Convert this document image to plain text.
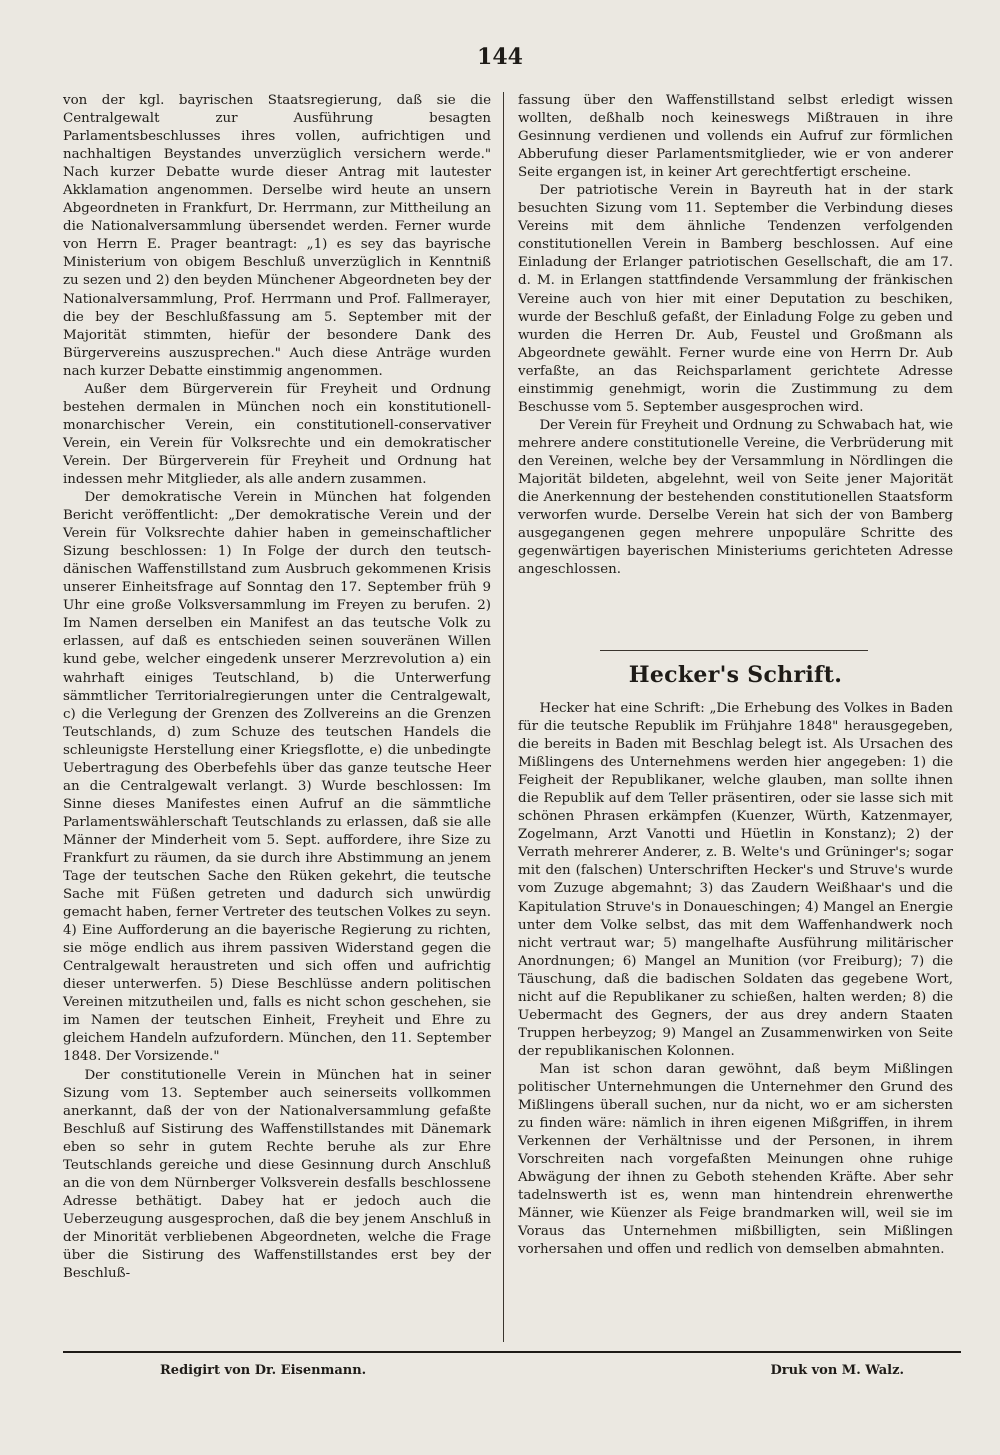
144

von der kgl. bayrischen Staatsregierung, daß sie die Centralgewalt zur Ausführung besagten Parlamentsbeschlusses ihres vollen, aufrichtigen und nachhaltigen Beystandes unverzüglich versichern werde." Nach kurzer Debatte wurde dieser Antrag mit lautester Akklamation angenommen. Derselbe wird heute an unsern Abgeordneten in Frankfurt, Dr. Herrmann, zur Mittheilung an die Nationalversammlung übersendet werden. Ferner wurde von Herrn E. Prager beantragt: „1) es sey das bayrische Ministerium von obigem Beschluß unverzüglich in Kenntniß zu sezen und 2) den beyden Münchener Abgeordneten bey der Nationalversammlung, Prof. Herrmann und Prof. Fallmerayer, die bey der Beschlußfassung am 5. September mit der Majorität stimmten, hiefür der besondere Dank des Bürgervereins auszusprechen." Auch diese Anträge wurden nach kurzer Debatte einstimmig angenommen.

Außer dem Bürgerverein für Freyheit und Ordnung bestehen dermalen in München noch ein konstitutionell-monarchischer Verein, ein constitutionell-conservativer Verein, ein Verein für Volksrechte und ein demokratischer Verein. Der Bürgerverein für Freyheit und Ordnung hat indessen mehr Mitglieder, als alle andern zusammen.

Der demokratische Verein in München hat folgenden Bericht veröffentlicht: „Der demokratische Verein und der Verein für Volksrechte dahier haben in gemeinschaftlicher Sizung beschlossen: 1) In Folge der durch den teutsch-dänischen Waffenstillstand zum Ausbruch gekommenen Krisis unserer Einheitsfrage auf Sonntag den 17. September früh 9 Uhr eine große Volksversammlung im Freyen zu berufen. 2) Im Namen derselben ein Manifest an das teutsche Volk zu erlassen, auf daß es entschieden seinen souveränen Willen kund gebe, welcher eingedenk unserer Merzrevolution a) ein wahrhaft einiges Teutschland, b) die Unterwerfung sämmtlicher Territorialregierungen unter die Centralgewalt, c) die Verlegung der Grenzen des Zollvereins an die Grenzen Teutschlands, d) zum Schuze des teutschen Handels die schleunigste Herstellung einer Kriegsflotte, e) die unbedingte Uebertragung des Oberbefehls über das ganze teutsche Heer an die Centralgewalt verlangt. 3) Wurde beschlossen: Im Sinne dieses Manifestes einen Aufruf an die sämmtliche Parlamentswählerschaft Teutschlands zu erlassen, daß sie alle Männer der Minderheit vom 5. Sept. auffordere, ihre Size zu Frankfurt zu räumen, da sie durch ihre Abstimmung an jenem Tage der teutschen Sache den Rüken gekehrt, die teutsche Sache mit Füßen getreten und dadurch sich unwürdig gemacht haben, ferner Vertreter des teutschen Volkes zu seyn. 4) Eine Aufforderung an die bayerische Regierung zu richten, sie möge endlich aus ihrem passiven Widerstand gegen die Centralgewalt heraustreten und sich offen und aufrichtig dieser unterwerfen. 5) Diese Beschlüsse andern politischen Vereinen mitzutheilen und, falls es nicht schon geschehen, sie im Namen der teutschen Einheit, Freyheit und Ehre zu gleichem Handeln aufzufordern. München, den 11. September 1848. Der Vorsizende."

Der constitutionelle Verein in München hat in seiner Sizung vom 13. September auch seinerseits vollkommen anerkannt, daß der von der Nationalversammlung gefaßte Beschluß auf Sistirung des Waffenstillstandes mit Dänemark eben so sehr in gutem Rechte beruhe als zur Ehre Teutschlands gereiche und diese Gesinnung durch Anschluß an die von dem Nürnberger Volksverein desfalls beschlossene Adresse bethätigt. Dabey hat er jedoch auch die Ueberzeugung ausgesprochen, daß die bey jenem Anschluß in der Minorität verbliebenen Abgeordneten, welche die Frage über die Sistirung des Waffenstillstandes erst bey der Beschluß-

fassung über den Waffenstillstand selbst erledigt wissen wollten, deßhalb noch keineswegs Mißtrauen in ihre Gesinnung verdienen und vollends ein Aufruf zur förmlichen Abberufung dieser Parlamentsmitglieder, wie er von anderer Seite ergangen ist, in keiner Art gerechtfertigt erscheine.

Der patriotische Verein in Bayreuth hat in der stark besuchten Sizung vom 11. September die Verbindung dieses Vereins mit dem ähnliche Tendenzen verfolgenden constitutionellen Verein in Bamberg beschlossen. Auf eine Einladung der Erlanger patriotischen Gesellschaft, die am 17. d. M. in Erlangen stattfindende Versammlung der fränkischen Vereine auch von hier mit einer Deputation zu beschiken, wurde der Beschluß gefaßt, der Einladung Folge zu geben und wurden die Herren Dr. Aub, Feustel und Großmann als Abgeordnete gewählt. Ferner wurde eine von Herrn Dr. Aub verfaßte, an das Reichsparlament gerichtete Adresse einstimmig genehmigt, worin die Zustimmung zu dem Beschusse vom 5. September ausgesprochen wird.

Der Verein für Freyheit und Ordnung zu Schwabach hat, wie mehrere andere constitutionelle Vereine, die Verbrüderung mit den Vereinen, welche bey der Versammlung in Nördlingen die Majorität bildeten, abgelehnt, weil von Seite jener Majorität die Anerkennung der bestehenden constitutionellen Staatsform verworfen wurde. Derselbe Verein hat sich der von Bamberg ausgegangenen gegen mehrere unpopuläre Schritte des gegenwärtigen bayerischen Ministeriums gerichteten Adresse angeschlossen.

Hecker's Schrift.

Hecker hat eine Schrift: „Die Erhebung des Volkes in Baden für die teutsche Republik im Frühjahre 1848" herausgegeben, die bereits in Baden mit Beschlag belegt ist. Als Ursachen des Mißlingens des Unternehmens werden hier angegeben: 1) die Feigheit der Republikaner, welche glauben, man sollte ihnen die Republik auf dem Teller präsentiren, oder sie lasse sich mit schönen Phrasen erkämpfen (Kuenzer, Würth, Katzenmayer, Zogelmann, Arzt Vanotti und Hüetlin in Konstanz); 2) der Verrath mehrerer Anderer, z. B. Welte's und Grüninger's; sogar mit den (falschen) Unterschriften Hecker's und Struve's wurde vom Zuzuge abgemahnt; 3) das Zaudern Weißhaar's und die Kapitulation Struve's in Donaueschingen; 4) Mangel an Energie unter dem Volke selbst, das mit dem Waffenhandwerk noch nicht vertraut war; 5) mangelhafte Ausführung militärischer Anordnungen; 6) Mangel an Munition (vor Freiburg); 7) die Täuschung, daß die badischen Soldaten das gegebene Wort, nicht auf die Republikaner zu schießen, halten werden; 8) die Uebermacht des Gegners, der aus drey andern Staaten Truppen herbeyzog; 9) Mangel an Zusammenwirken von Seite der republikanischen Kolonnen.

Man ist schon daran gewöhnt, daß beym Mißlingen politischer Unternehmungen die Unternehmer den Grund des Mißlingens überall suchen, nur da nicht, wo er am sichersten zu finden wäre: nämlich in ihren eigenen Mißgriffen, in ihrem Verkennen der Verhältnisse und der Personen, in ihrem Vorschreiten nach vorgefaßten Meinungen ohne ruhige Abwägung der ihnen zu Geboth stehenden Kräfte. Aber sehr tadelnswerth ist es, wenn man hintendrein ehrenwerthe Männer, wie Küenzer als Feige brandmarken will, weil sie im Voraus das Unternehmen mißbilligten, sein Mißlingen vorhersahen und offen und redlich von demselben abmahnten.

Redigirt von Dr. Eisenmann.	Druk von M. Walz.
